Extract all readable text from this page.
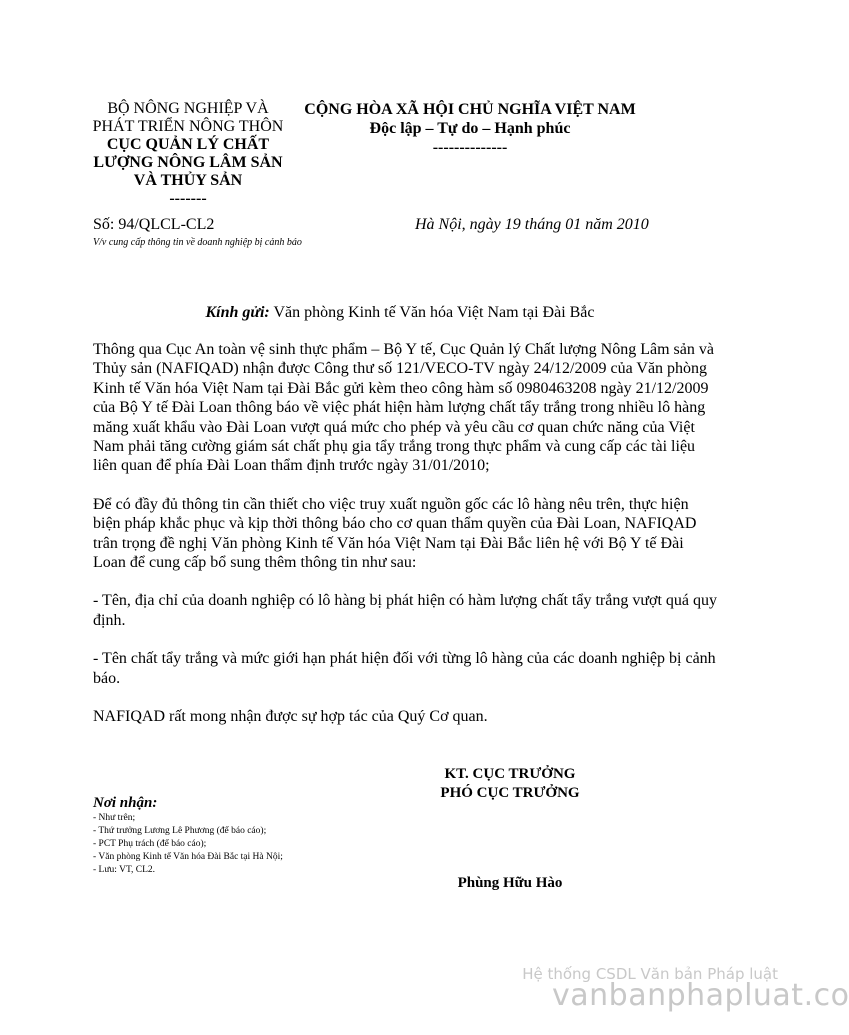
BỘ NÔNG NGHIỆP VÀ
PHÁT TRIỂN NÔNG THÔN
CỤC QUẢN LÝ CHẤT
LƯỢNG NÔNG LÂM SẢN
VÀ THỦY SẢN
-------
CỘNG HÒA XÃ HỘI CHỦ NGHĨA VIỆT NAM
Độc lập – Tự do – Hạnh phúc
--------------
Số: 94/QLCL-CL2
V/v cung cấp thông tin về doanh nghiệp bị cảnh báo
Hà Nội, ngày 19 tháng 01 năm 2010
Kính gửi: Văn phòng Kinh tế Văn hóa Việt Nam tại Đài Bắc

Thông qua Cục An toàn vệ sinh thực phẩm – Bộ Y tế, Cục Quản lý Chất lượng Nông Lâm sản và Thủy sản (NAFIQAD) nhận được Công thư số 121/VECO-TV ngày 24/12/2009 của Văn phòng Kinh tế Văn hóa Việt Nam tại Đài Bắc gửi kèm theo công hàm số 0980463208 ngày 21/12/2009 của Bộ Y tế Đài Loan thông báo về việc phát hiện hàm lượng chất tẩy trắng trong nhiều lô hàng măng xuất khẩu vào Đài Loan vượt quá mức cho phép và yêu cầu cơ quan chức năng của Việt Nam phải tăng cường giám sát chất phụ gia tẩy trắng trong thực phẩm và cung cấp các tài liệu liên quan để phía Đài Loan thẩm định trước ngày 31/01/2010;

Để có đầy đủ thông tin cần thiết cho việc truy xuất nguồn gốc các lô hàng nêu trên, thực hiện biện pháp khắc phục và kịp thời thông báo cho cơ quan thẩm quyền của Đài Loan, NAFIQAD trân trọng đề nghị Văn phòng Kinh tế Văn hóa Việt Nam tại Đài Bắc liên hệ với Bộ Y tế Đài Loan để cung cấp bổ sung thêm thông tin như sau:

- Tên, địa chỉ của doanh nghiệp có lô hàng bị phát hiện có hàm lượng chất tẩy trắng vượt quá quy định.

- Tên chất tẩy trắng và mức giới hạn phát hiện đối với từng lô hàng của các doanh nghiệp bị cảnh báo.

NAFIQAD rất mong nhận được sự hợp tác của Quý Cơ quan.

KT. CỤC TRƯỞNG
PHÓ CỤC TRƯỞNG
Phùng Hữu Hào
Nơi nhận:
- Như trên;
- Thứ trưởng Lương Lê Phương (để báo cáo);
- PCT Phụ trách (để báo cáo);
- Văn phòng Kinh tế Văn hóa Đài Bắc tại Hà Nội;
- Lưu: VT, CL2.
Hệ thống CSDL Văn bản Pháp luật
vanbanphapluat.co
